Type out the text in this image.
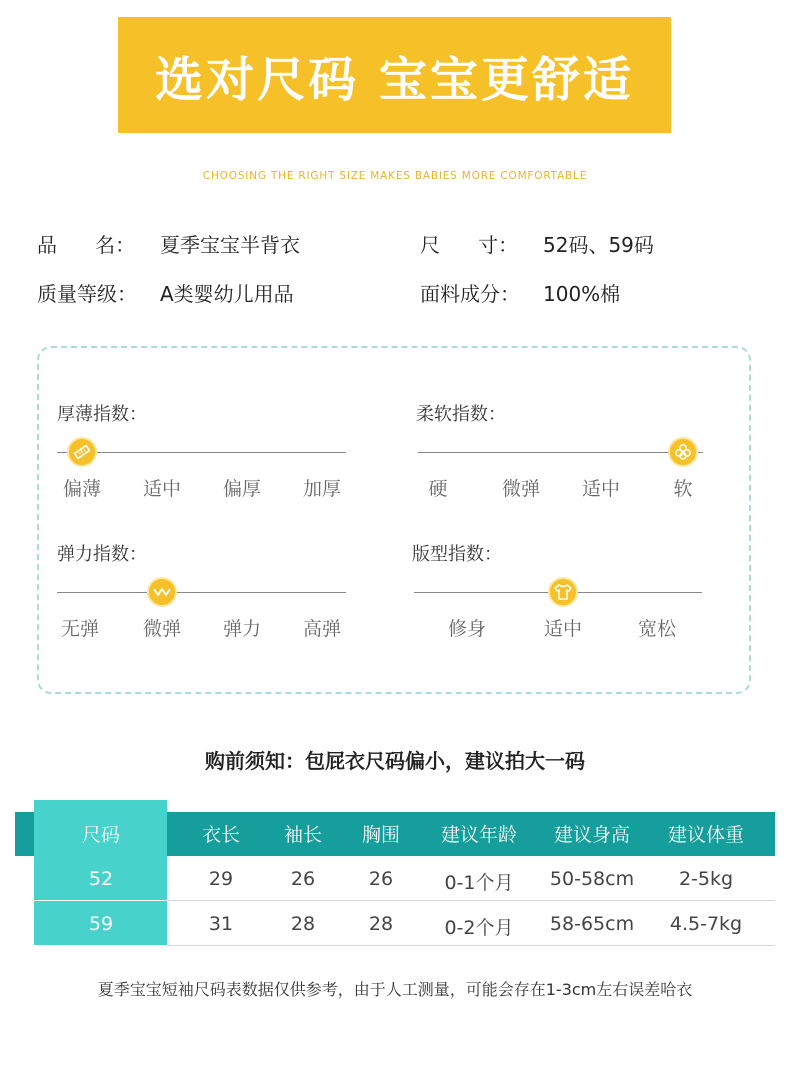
选对尺码 宝宝更舒适
CHOOSING THE RIGHT SIZE MAKES BABIES MORE COMFORTABLE
品      名： 夏季宝宝半背衣	尺      寸： 52码、59码
质量等级： A类婴幼儿用品	面料成分： 100%棉
厚薄指数：
偏薄 适中 偏厚 加厚
柔软指数：
硬	微弹 适中	软
弹力指数：
无弹 微弹 弹力 高弹
版型指数：
修身	适中	宽松
购前须知：包屁衣尺码偏小，建议拍大一码
尺码	衣长 袖长 胸围 建议年龄 建议身高 建议体重
52	29	26	26	0-1个月 50-58cm 2-5kg
59	31	28	28	0-2个月 58-65cm 4.5-7kg
夏季宝宝短袖尺码表数据仅供参考，由于人工测量，可能会存在1-3cm左右误差哈衣
